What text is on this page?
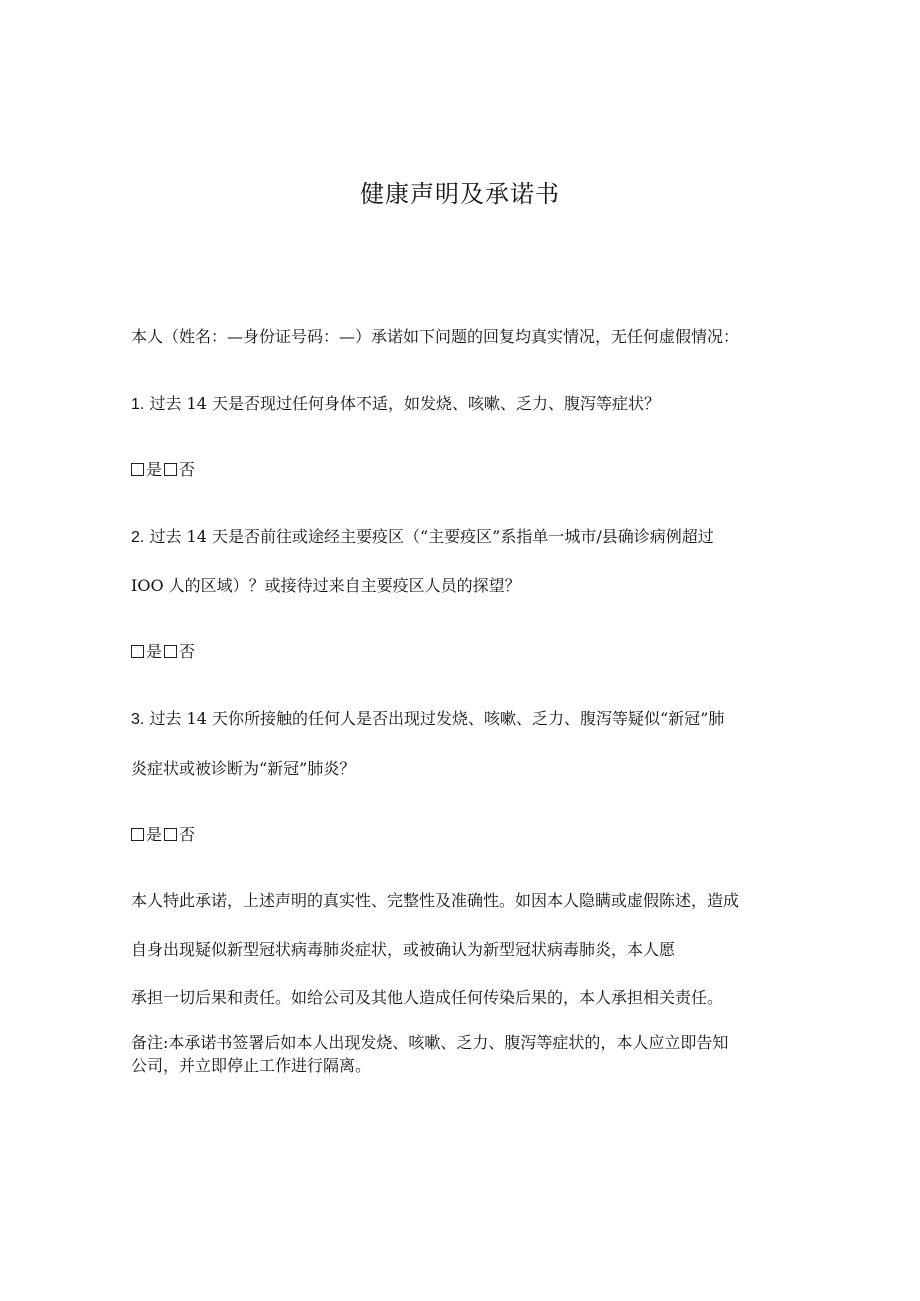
健康声明及承诺书

本人（姓名：—身份证号码：—）承诺如下问题的回复均真实情况，无任何虚假情况：

1. 过去 14 天是否现过任何身体不适，如发烧、咳嗽、乏力、腹泻等症状？

是 否

2. 过去 14 天是否前往或途经主要疫区（“主要疫区”系指单一城市/县确诊病例超过

IOO 人的区域）？或接待过来自主要疫区人员的探望？

是 否

3. 过去 14 天你所接触的任何人是否出现过发烧、咳嗽、乏力、腹泻等疑似“新冠”肺

炎症状或被诊断为“新冠”肺炎？

是 否

本人特此承诺，上述声明的真实性、完整性及准确性。如因本人隐瞒或虚假陈述，造成

自身出现疑似新型冠状病毒肺炎症状，或被确认为新型冠状病毒肺炎，本人愿

承担一切后果和责任。如给公司及其他人造成任何传染后果的，本人承担相关责任。

备注:本承诺书签署后如本人出现发烧、咳嗽、乏力、腹泻等症状的，本人应立即告知

公司，并立即停止工作进行隔离。
